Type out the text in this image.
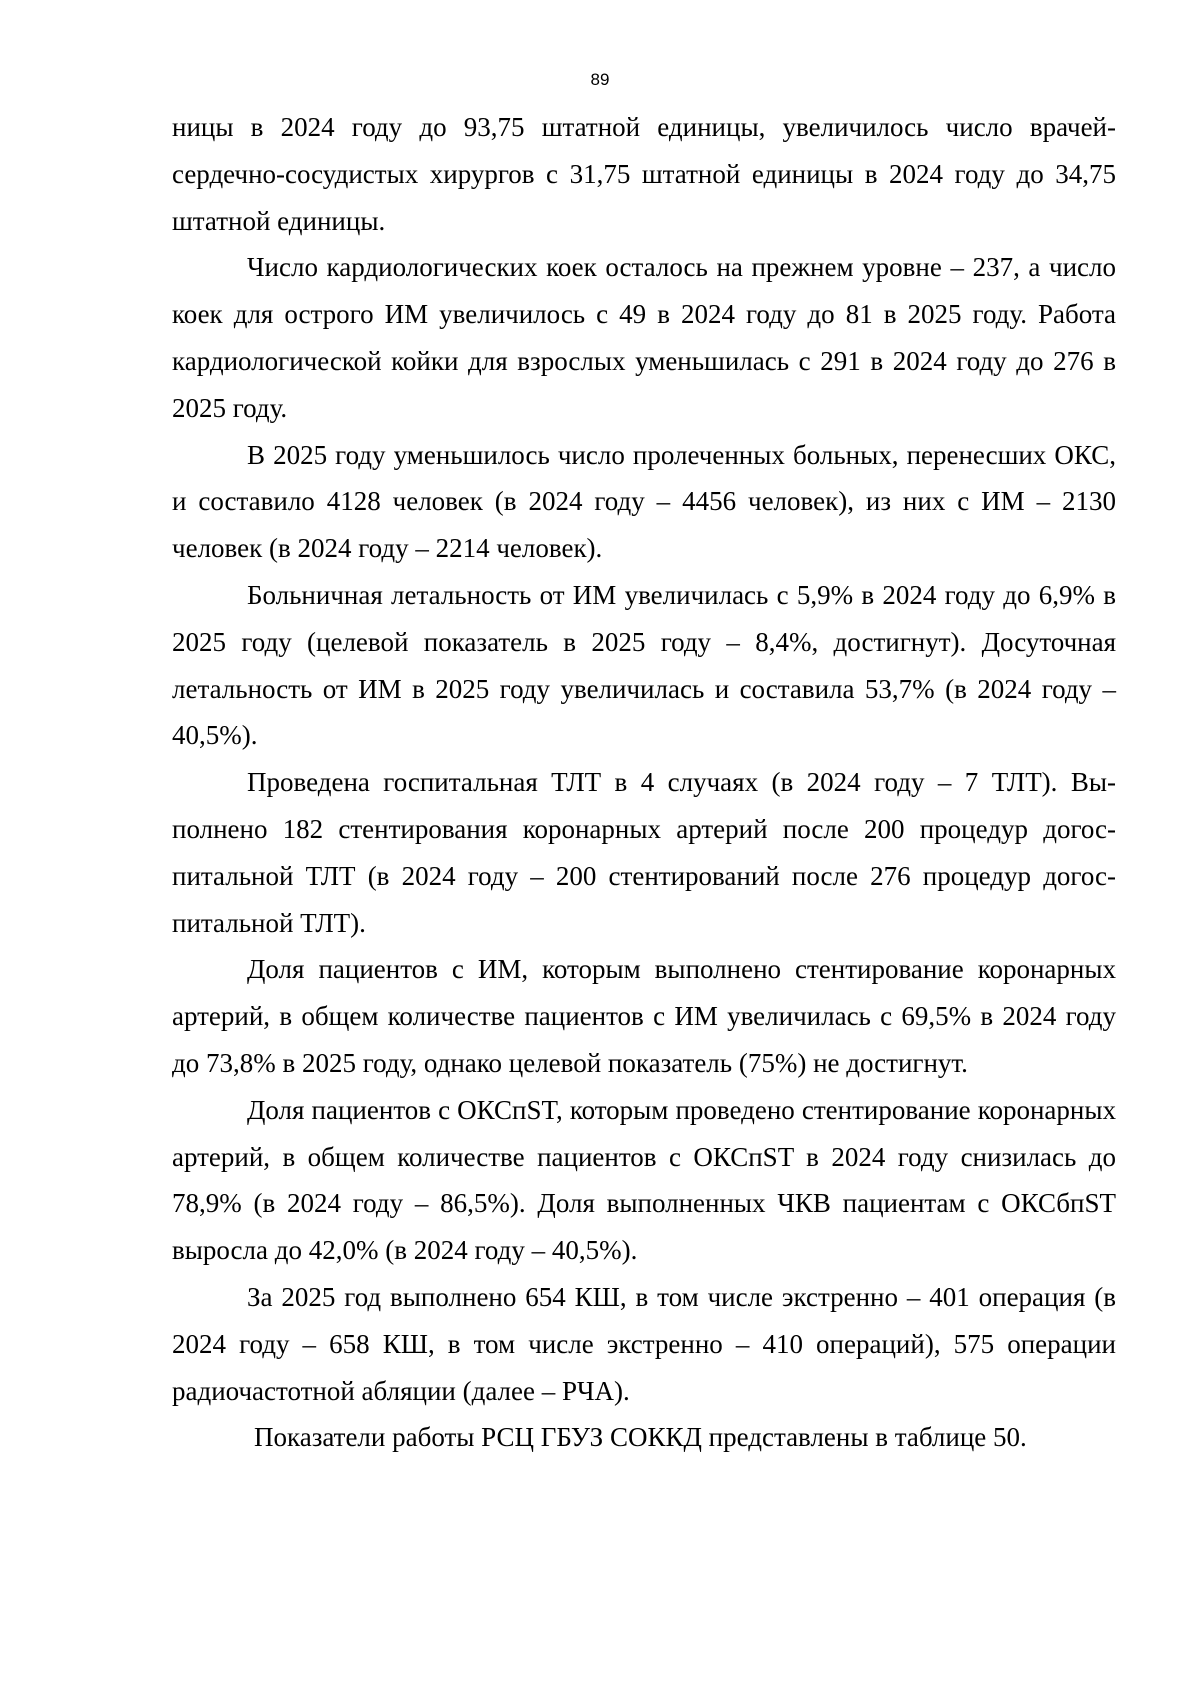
89

ницы в 2024 году до 93,75 штатной единицы, увеличилось число врачей-сердечно-сосудистых хирургов с 31,75 штатной единицы в 2024 году до 34,75 штатной единицы.

Число кардиологических коек осталось на прежнем уровне – 237, а число коек для острого ИМ увеличилось с 49 в 2024 году до 81 в 2025 году. Работа кардиологической койки для взрослых уменьшилась с 291 в 2024 году до 276 в 2025 году.

В 2025 году уменьшилось число пролеченных больных, перенесших ОКС, и составило 4128 человек (в 2024 году – 4456 человек), из них с ИМ – 2130 человек (в 2024 году – 2214 человек).

Больничная летальность от ИМ увеличилась с 5,9% в 2024 году до 6,9% в 2025 году (целевой показатель в 2025 году – 8,4%, достигнут). Досуточная летальность от ИМ в 2025 году увеличилась и составила 53,7% (в 2024 году – 40,5%).

Проведена госпитальная ТЛТ в 4 случаях (в 2024 году – 7 ТЛТ). Выполнено 182 стентирования коронарных артерий после 200 процедур догоспитальной ТЛТ (в 2024 году – 200 стентирований после 276 процедур догоспитальной ТЛТ).

Доля пациентов с ИМ, которым выполнено стентирование коронарных артерий, в общем количестве пациентов с ИМ увеличилась с 69,5% в 2024 году до 73,8% в 2025 году, однако целевой показатель (75%) не достигнут.

Доля пациентов с ОКСпST, которым проведено стентирование коронарных артерий, в общем количестве пациентов с ОКСпST в 2024 году снизилась до 78,9% (в 2024 году – 86,5%). Доля выполненных ЧКВ пациентам с ОКСбпST выросла до 42,0% (в 2024 году – 40,5%).

За 2025 год выполнено 654 КШ, в том числе экстренно – 401 операция (в 2024 году – 658 КШ, в том числе экстренно – 410 операций), 575 операции радиочастотной абляции (далее – РЧА).

Показатели работы РСЦ ГБУЗ СОККД представлены в таблице 50.
